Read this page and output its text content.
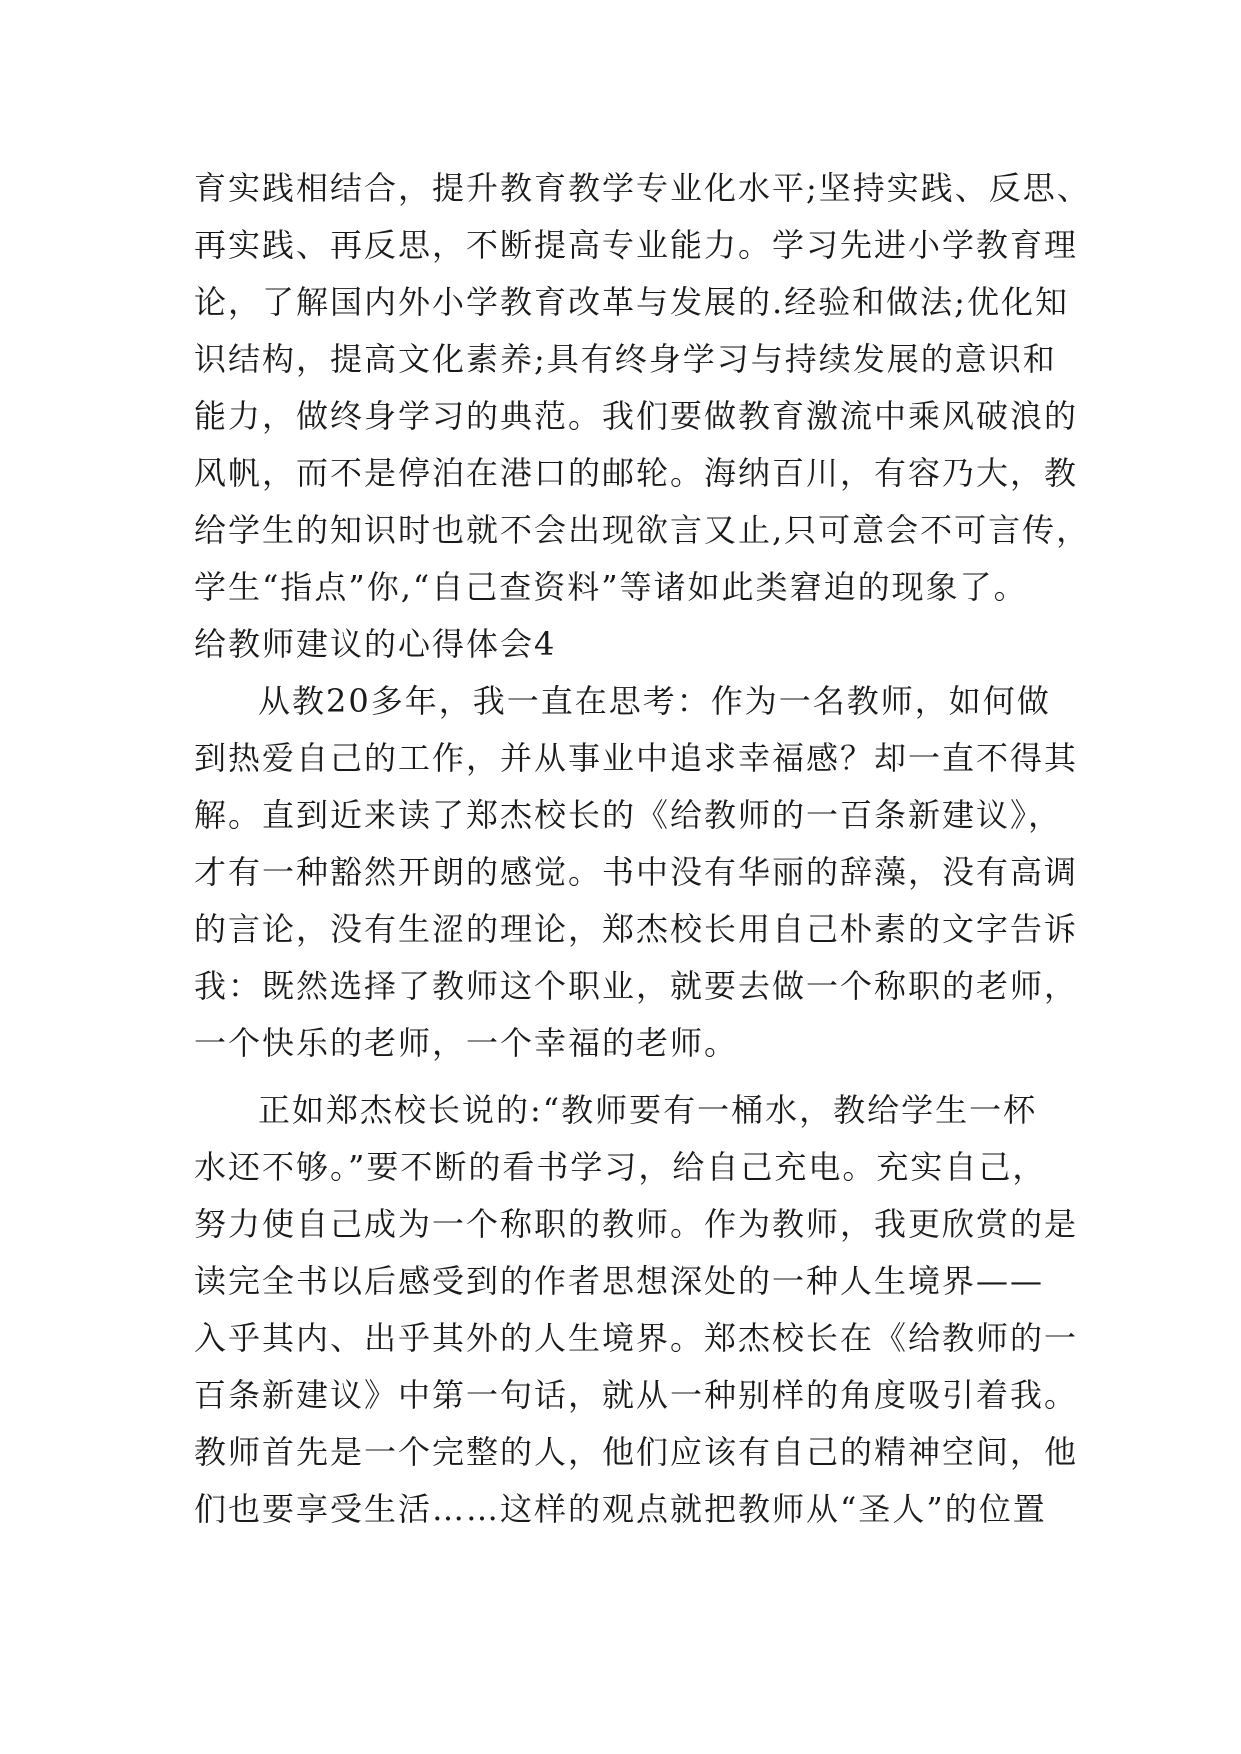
育实践相结合，提升教育教学专业化水平;坚持实践、反思、
再实践、再反思，不断提高专业能力。学习先进小学教育理
论，了解国内外小学教育改革与发展的.经验和做法;优化知
识结构，提高文化素养;具有终身学习与持续发展的意识和
能力，做终身学习的典范。我们要做教育激流中乘风破浪的
风帆，而不是停泊在港口的邮轮。海纳百川，有容乃大，教
给学生的知识时也就不会出现欲言又止,只可意会不可言传，
学生“指点”你,“自己查资料”等诸如此类窘迫的现象了。
给教师建议的心得体会4
从教20多年，我一直在思考：作为一名教师，如何做
到热爱自己的工作，并从事业中追求幸福感？却一直不得其
解。直到近来读了郑杰校长的《给教师的一百条新建议》，
才有一种豁然开朗的感觉。书中没有华丽的辞藻，没有高调
的言论，没有生涩的理论，郑杰校长用自己朴素的文字告诉
我：既然选择了教师这个职业，就要去做一个称职的老师，
一个快乐的老师，一个幸福的老师。
正如郑杰校长说的:“教师要有一桶水，教给学生一杯
水还不够。”要不断的看书学习，给自己充电。充实自己，
努力使自己成为一个称职的教师。作为教师，我更欣赏的是
读完全书以后感受到的作者思想深处的一种人生境界——
入乎其内、出乎其外的人生境界。郑杰校长在《给教师的一
百条新建议》中第一句话，就从一种别样的角度吸引着我。
教师首先是一个完整的人，他们应该有自己的精神空间，他
们也要享受生活……这样的观点就把教师从“圣人”的位置
